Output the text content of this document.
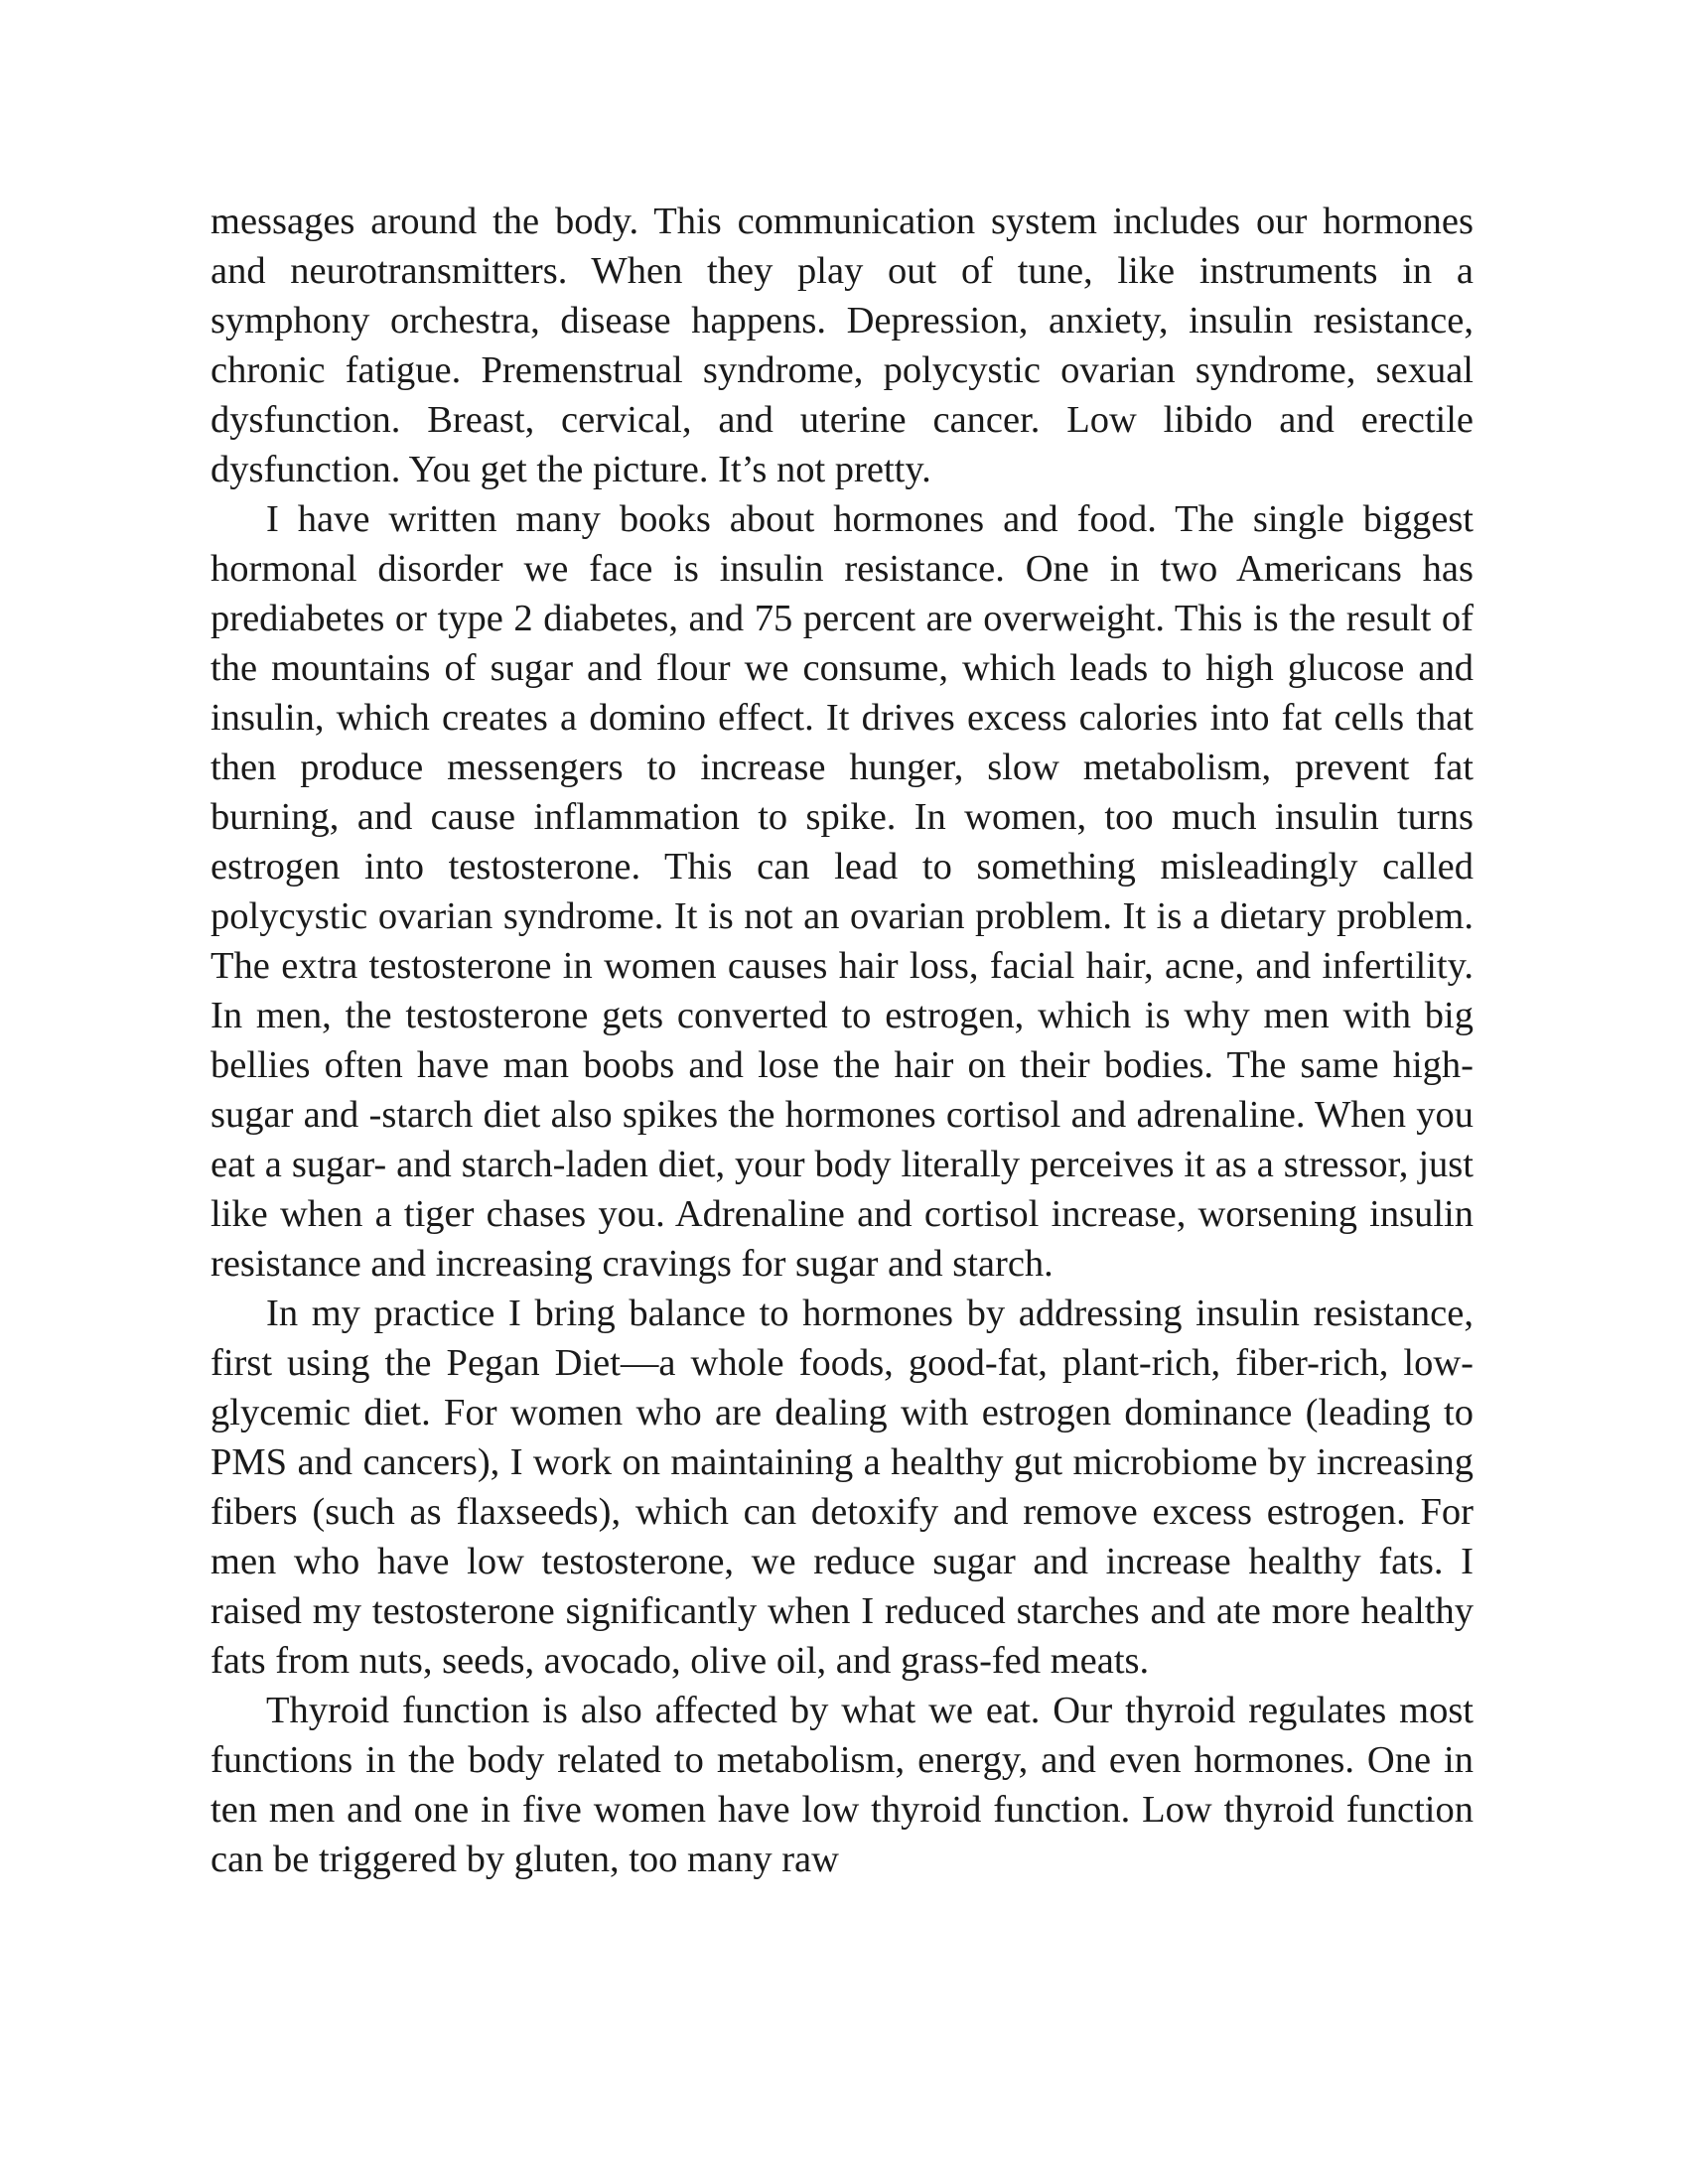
messages around the body. This communication system includes our hormones and neurotransmitters. When they play out of tune, like instruments in a symphony orchestra, disease happens. Depression, anxiety, insulin resistance, chronic fatigue. Premenstrual syndrome, polycystic ovarian syndrome, sexual dysfunction. Breast, cervical, and uterine cancer. Low libido and erectile dysfunction. You get the picture. It’s not pretty.

I have written many books about hormones and food. The single biggest hormonal disorder we face is insulin resistance. One in two Americans has prediabetes or type 2 diabetes, and 75 percent are overweight. This is the result of the mountains of sugar and flour we consume, which leads to high glucose and insulin, which creates a domino effect. It drives excess calories into fat cells that then produce messengers to increase hunger, slow metabolism, prevent fat burning, and cause inflammation to spike. In women, too much insulin turns estrogen into testosterone. This can lead to something misleadingly called polycystic ovarian syndrome. It is not an ovarian problem. It is a dietary problem. The extra testosterone in women causes hair loss, facial hair, acne, and infertility. In men, the testosterone gets converted to estrogen, which is why men with big bellies often have man boobs and lose the hair on their bodies. The same high-sugar and -starch diet also spikes the hormones cortisol and adrenaline. When you eat a sugar- and starch-laden diet, your body literally perceives it as a stressor, just like when a tiger chases you. Adrenaline and cortisol increase, worsening insulin resistance and increasing cravings for sugar and starch.

In my practice I bring balance to hormones by addressing insulin resistance, first using the Pegan Diet—a whole foods, good-fat, plant-rich, fiber-rich, low-glycemic diet. For women who are dealing with estrogen dominance (leading to PMS and cancers), I work on maintaining a healthy gut microbiome by increasing fibers (such as flaxseeds), which can detoxify and remove excess estrogen. For men who have low testosterone, we reduce sugar and increase healthy fats. I raised my testosterone significantly when I reduced starches and ate more healthy fats from nuts, seeds, avocado, olive oil, and grass-fed meats.

Thyroid function is also affected by what we eat. Our thyroid regulates most functions in the body related to metabolism, energy, and even hormones. One in ten men and one in five women have low thyroid function. Low thyroid function can be triggered by gluten, too many raw
